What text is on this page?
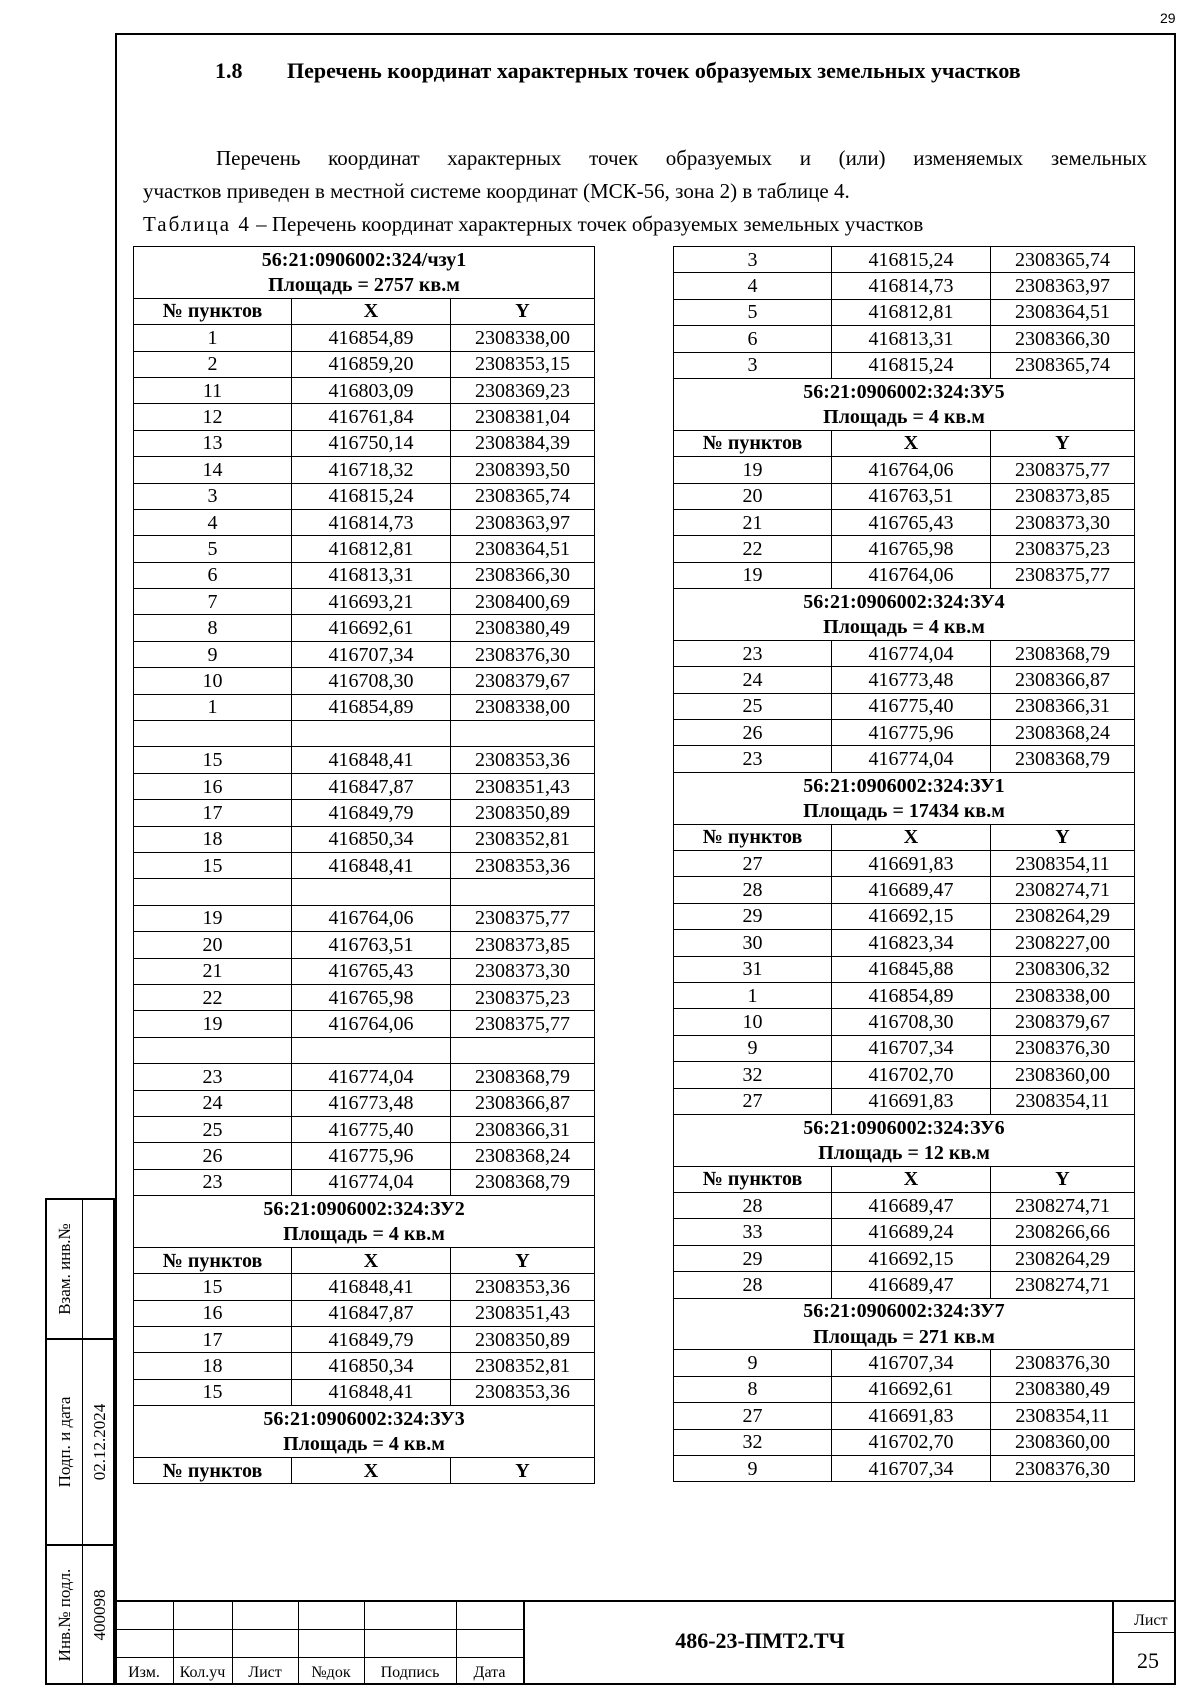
29
1.8 Перечень координат характерных точек образуемых земельных участков
Перечень координат характерных точек образуемых и (или) изменяемых земельных
участков приведен в местной системе координат (МСК-56, зона 2) в таблице 4.
Таблица 4 – Перечень координат характерных точек образуемых земельных участков
56:21:0906002:324/чзу1		
Площадь = 2757 кв.м		
№ пунктов	X	Y
1	416854,89	2308338,00
2	416859,20	2308353,15
11	416803,09	2308369,23
12	416761,84	2308381,04
13	416750,14	2308384,39
14	416718,32	2308393,50
3	416815,24	2308365,74
4	416814,73	2308363,97
5	416812,81	2308364,51
6	416813,31	2308366,30
7	416693,21	2308400,69
8	416692,61	2308380,49
9	416707,34	2308376,30
10	416708,30	2308379,67
1	416854,89	2308338,00

15	416848,41	2308353,36
16	416847,87	2308351,43
17	416849,79	2308350,89
18	416850,34	2308352,81
15	416848,41	2308353,36

19	416764,06	2308375,77
20	416763,51	2308373,85
21	416765,43	2308373,30
22	416765,98	2308375,23
19	416764,06	2308375,77

23	416774,04	2308368,79
24	416773,48	2308366,87
25	416775,40	2308366,31
26	416775,96	2308368,24
23	416774,04	2308368,79
56:21:0906002:324:ЗУ2		
Площадь = 4 кв.м		
№ пунктов	X	Y
15	416848,41	2308353,36
16	416847,87	2308351,43
17	416849,79	2308350,89
18	416850,34	2308352,81
15	416848,41	2308353,36
56:21:0906002:324:ЗУ3		
Площадь = 4 кв.м		
№ пунктов	X	Y
3	416815,24	2308365,74
4	416814,73	2308363,97
5	416812,81	2308364,51
6	416813,31	2308366,30
3	416815,24	2308365,74
56:21:0906002:324:ЗУ5		
Площадь = 4 кв.м		
№ пунктов	X	Y
19	416764,06	2308375,77
20	416763,51	2308373,85
21	416765,43	2308373,30
22	416765,98	2308375,23
19	416764,06	2308375,77
56:21:0906002:324:ЗУ4		
Площадь = 4 кв.м		
23	416774,04	2308368,79
24	416773,48	2308366,87
25	416775,40	2308366,31
26	416775,96	2308368,24
23	416774,04	2308368,79
56:21:0906002:324:ЗУ1		
Площадь = 17434 кв.м		
№ пунктов	X	Y
27	416691,83	2308354,11
28	416689,47	2308274,71
29	416692,15	2308264,29
30	416823,34	2308227,00
31	416845,88	2308306,32
1	416854,89	2308338,00
10	416708,30	2308379,67
9	416707,34	2308376,30
32	416702,70	2308360,00
27	416691,83	2308354,11
56:21:0906002:324:ЗУ6		
Площадь = 12 кв.м		
№ пунктов	X	Y
28	416689,47	2308274,71
33	416689,24	2308266,66
29	416692,15	2308264,29
28	416689,47	2308274,71
56:21:0906002:324:ЗУ7		
Площадь = 271 кв.м		
9	416707,34	2308376,30
8	416692,61	2308380,49
27	416691,83	2308354,11
32	416702,70	2308360,00
9	416707,34	2308376,30
Взам. инв.№
Подп. и дата 02.12.2024
Инв.№ подл. 400098
Изм.	Кол.уч	Лист	№док	Подпись	Дата
486-23-ПМТ2.ТЧ
Лист
25
